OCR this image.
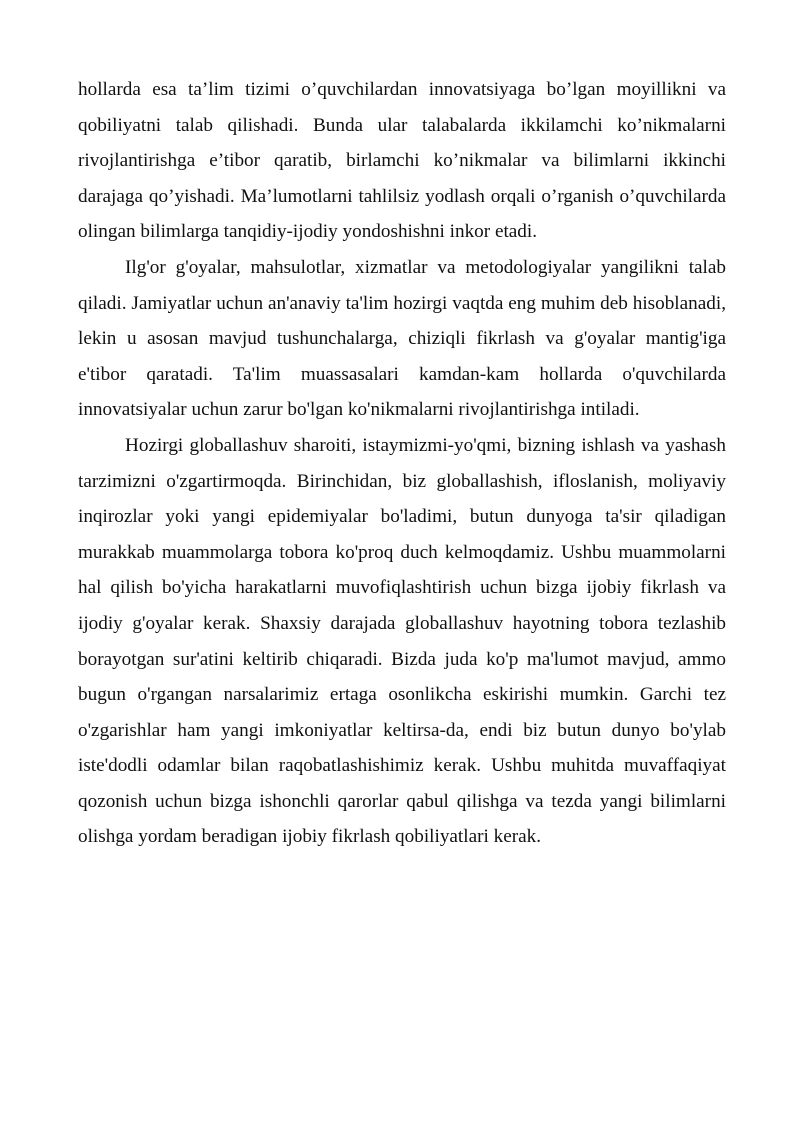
hollarda esa ta’lim tizimi o’quvchilardan innovatsiyaga bo’lgan moyillikni va qobiliyatni talab qilishadi. Bunda ular talabalarda ikkilamchi ko’nikmalarni rivojlantirishga e’tibor qaratib, birlamchi ko’nikmalar va bilimlarni ikkinchi darajaga qo’yishadi. Ma’lumotlarni tahlilsiz yodlash orqali o’rganish o’quvchilarda olingan bilimlarga tanqidiy-ijodiy yondoshishni inkor etadi.

Ilg'or g'oyalar, mahsulotlar, xizmatlar va metodologiyalar yangilikni talab qiladi. Jamiyatlar uchun an'anaviy ta'lim hozirgi vaqtda eng muhim deb hisoblanadi, lekin u asosan mavjud tushunchalarga, chiziqli fikrlash va g'oyalar mantig'iga e'tibor qaratadi. Ta'lim muassasalari kamdan-kam hollarda o'quvchilarda innovatsiyalar uchun zarur bo'lgan ko'nikmalarni rivojlantirishga intiladi.

Hozirgi globallashuv sharoiti, istaymizmi-yo'qmi, bizning ishlash va yashash tarzimizni o'zgartirmoqda. Birinchidan, biz globallashish, ifloslanish, moliyaviy inqirozlar yoki yangi epidemiyalar bo'ladimi, butun dunyoga ta'sir qiladigan murakkab muammolarga tobora ko'proq duch kelmoqdamiz. Ushbu muammolarni hal qilish bo'yicha harakatlarni muvofiqlashtirish uchun bizga ijobiy fikrlash va ijodiy g'oyalar kerak. Shaxsiy darajada globallashuv hayotning tobora tezlashib borayotgan sur'atini keltirib chiqaradi. Bizda juda ko'p ma'lumot mavjud, ammo bugun o'rgangan narsalarimiz ertaga osonlikcha eskirishi mumkin. Garchi tez o'zgarishlar ham yangi imkoniyatlar keltirsa-da, endi biz butun dunyo bo'ylab iste'dodli odamlar bilan raqobatlashishimiz kerak. Ushbu muhitda muvaffaqiyat qozonish uchun bizga ishonchli qarorlar qabul qilishga va tezda yangi bilimlarni olishga yordam beradigan ijobiy fikrlash qobiliyatlari kerak.
